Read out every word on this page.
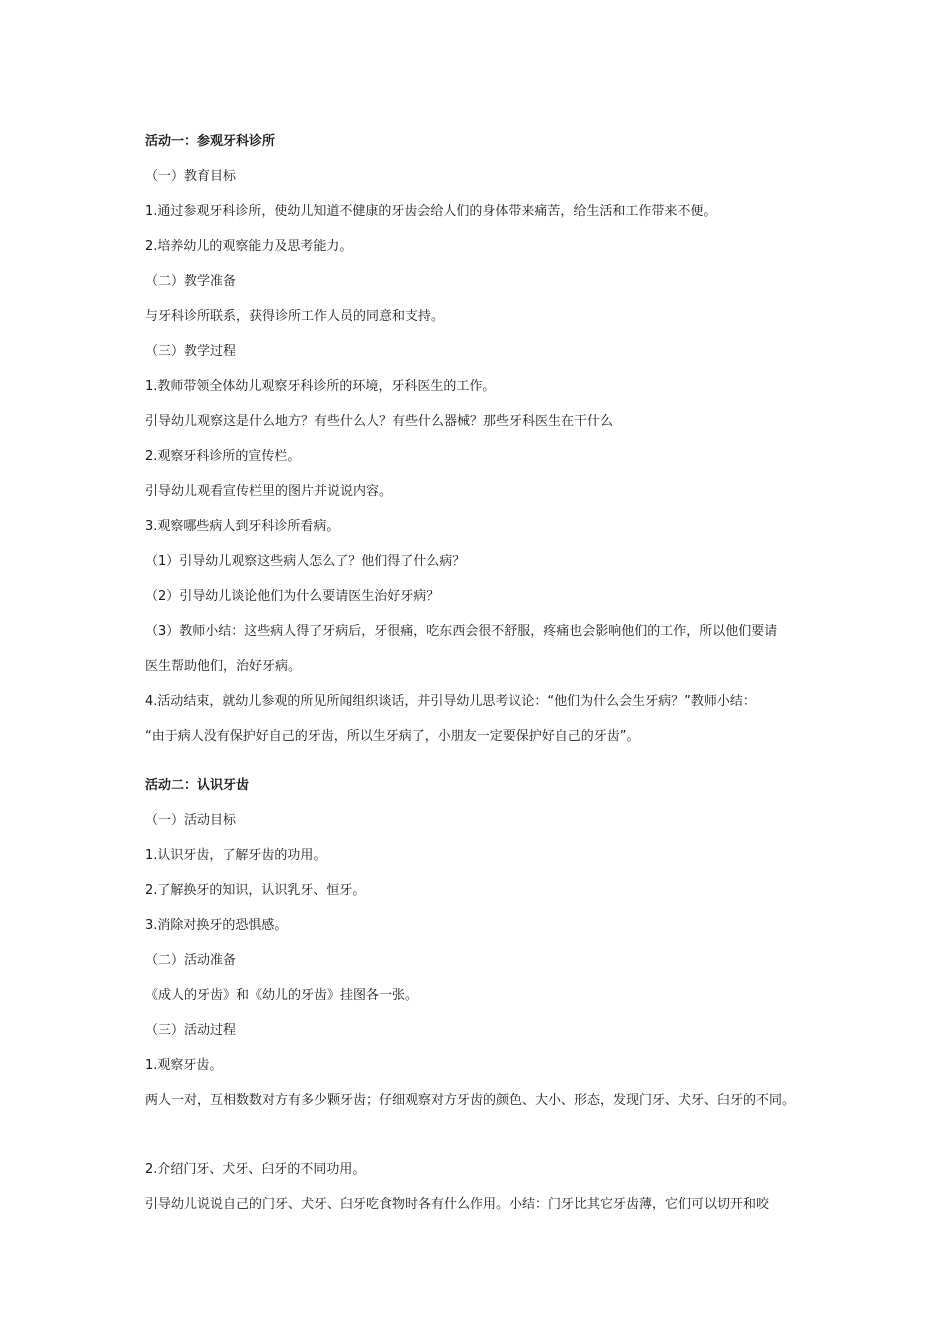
活动一：参观牙科诊所

（一）教育目标

1.通过参观牙科诊所，使幼儿知道不健康的牙齿会给人们的身体带来痛苦，给生活和工作带来不便。

2.培养幼儿的观察能力及思考能力。

（二）教学准备

与牙科诊所联系，获得诊所工作人员的同意和支持。

（三）教学过程

1.教师带领全体幼儿观察牙科诊所的环境，牙科医生的工作。

引导幼儿观察这是什么地方？有些什么人？有些什么器械？那些牙科医生在干什么

2.观察牙科诊所的宣传栏。

引导幼儿观看宣传栏里的图片并说说内容。

3.观察哪些病人到牙科诊所看病。

（1）引导幼儿观察这些病人怎么了？他们得了什么病？

（2）引导幼儿谈论他们为什么要请医生治好牙病？

（3）教师小结：这些病人得了牙病后，牙很痛，吃东西会很不舒服，疼痛也会影响他们的工作，所以他们要请

医生帮助他们，治好牙病。

4.活动结束，就幼儿参观的所见所闻组织谈话，并引导幼儿思考议论：“他们为什么会生牙病？”教师小结：

“由于病人没有保护好自己的牙齿，所以生牙病了，小朋友一定要保护好自己的牙齿”。

活动二：认识牙齿

（一）活动目标

1.认识牙齿，了解牙齿的功用。

2.了解换牙的知识，认识乳牙、恒牙。

3.消除对换牙的恐惧感。

（二）活动准备

《成人的牙齿》和《幼儿的牙齿》挂图各一张。

（三）活动过程

1.观察牙齿。

两人一对，互相数数对方有多少颗牙齿；仔细观察对方牙齿的颜色、大小、形态，发现门牙、犬牙、臼牙的不同。

2.介绍门牙、犬牙、臼牙的不同功用。

引导幼儿说说自己的门牙、犬牙、臼牙吃食物时各有什么作用。小结：门牙比其它牙齿薄，它们可以切开和咬
